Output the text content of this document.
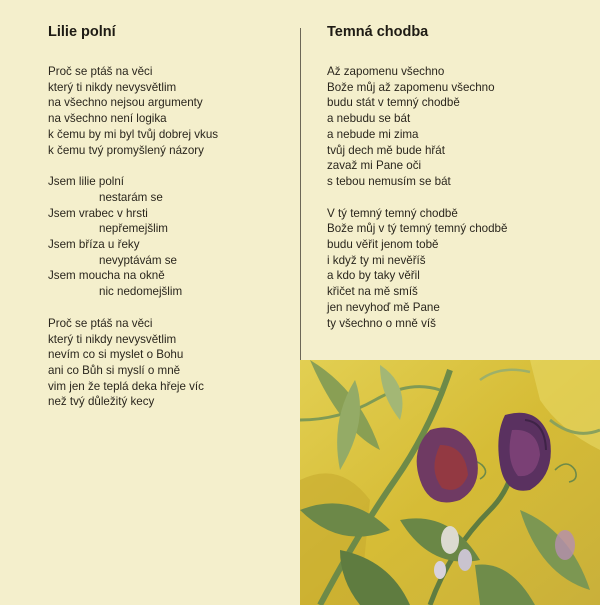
Lilie polní
Proč se ptáš na věci
který ti nikdy nevysvětlim
na všechno nejsou argumenty
na všechno není logika
k čemu by mi byl tvůj dobrej vkus
k čemu tvý promyšlený názory
Jsem lilie polní
nestarám se
Jsem vrabec v hrsti
nepřemejšlim
Jsem bříza u řeky
nevyptávám se
Jsem moucha na okně
nic nedomejšlim
Proč se ptáš na věci
který ti nikdy nevysvětlim
nevím co si myslet o Bohu
ani co Bůh si myslí o mně
vim jen že teplá deka hřeje víc
než tvý důležitý kecy
Temná chodba
Až zapomenu všechno
Bože můj až zapomenu všechno
budu stát v temný chodbě
a nebudu se bát
a nebude mi zima
tvůj dech mě bude hřát
zavaž mi Pane oči
s tebou nemusím se bát
V tý temný temný chodbě
Bože můj v tý temný temný chodbě
budu věřit jenom tobě
i když ty mi nevěříš
a kdo by taky věřil
křičet na mě smíš
jen nevyhoď mě Pane
ty všechno o mně víš
